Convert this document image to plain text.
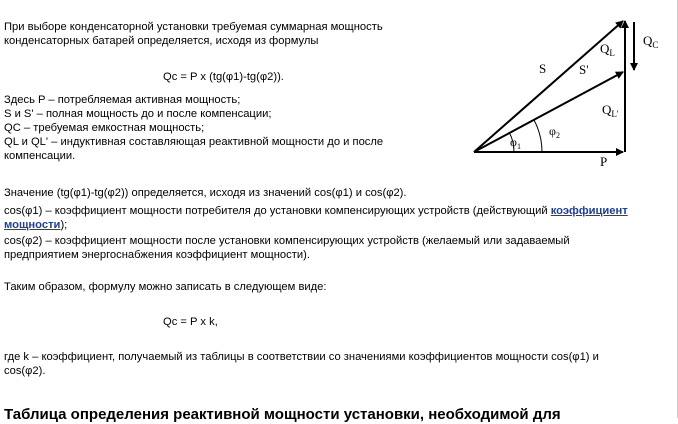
При выборе конденсаторной установки требуемая суммарная мощность

конденсаторных батарей определяется, исходя из формулы

Qc = P x (tg(φ1)-tg(φ2)).

Здесь P – потребляемая активная мощность;

S и S' – полная мощность до и после компенсации;

QC – требуемая емкостная мощность;

QL и QL' – индуктивная составляющая реактивной мощности до и после

компенсации.

Значение (tg(φ1)-tg(φ2)) определяется, исходя из значений cos(φ1) и cos(φ2).

cos(φ1) – коэффициент мощности потребителя до установки компенсирующих устройств (действующий коэффициент

мощности);

cos(φ2) – коэффициент мощности после установки компенсирующих устройств (желаемый или задаваемый

предприятием энергоснабжения коэффициент мощности).

Таким образом, формулу можно записать в следующем виде:

Qc = P x k,

где k – коэффициент, получаемый из таблицы в соответствии со значениями коэффициентов мощности cos(φ1) и

cos(φ2).

Таблица определения реактивной мощности установки, необходимой для

S	S'
$Q_L$
$Q_{L'}$
$Q_C$
P
$\varphi_1$
$\varphi_2$
